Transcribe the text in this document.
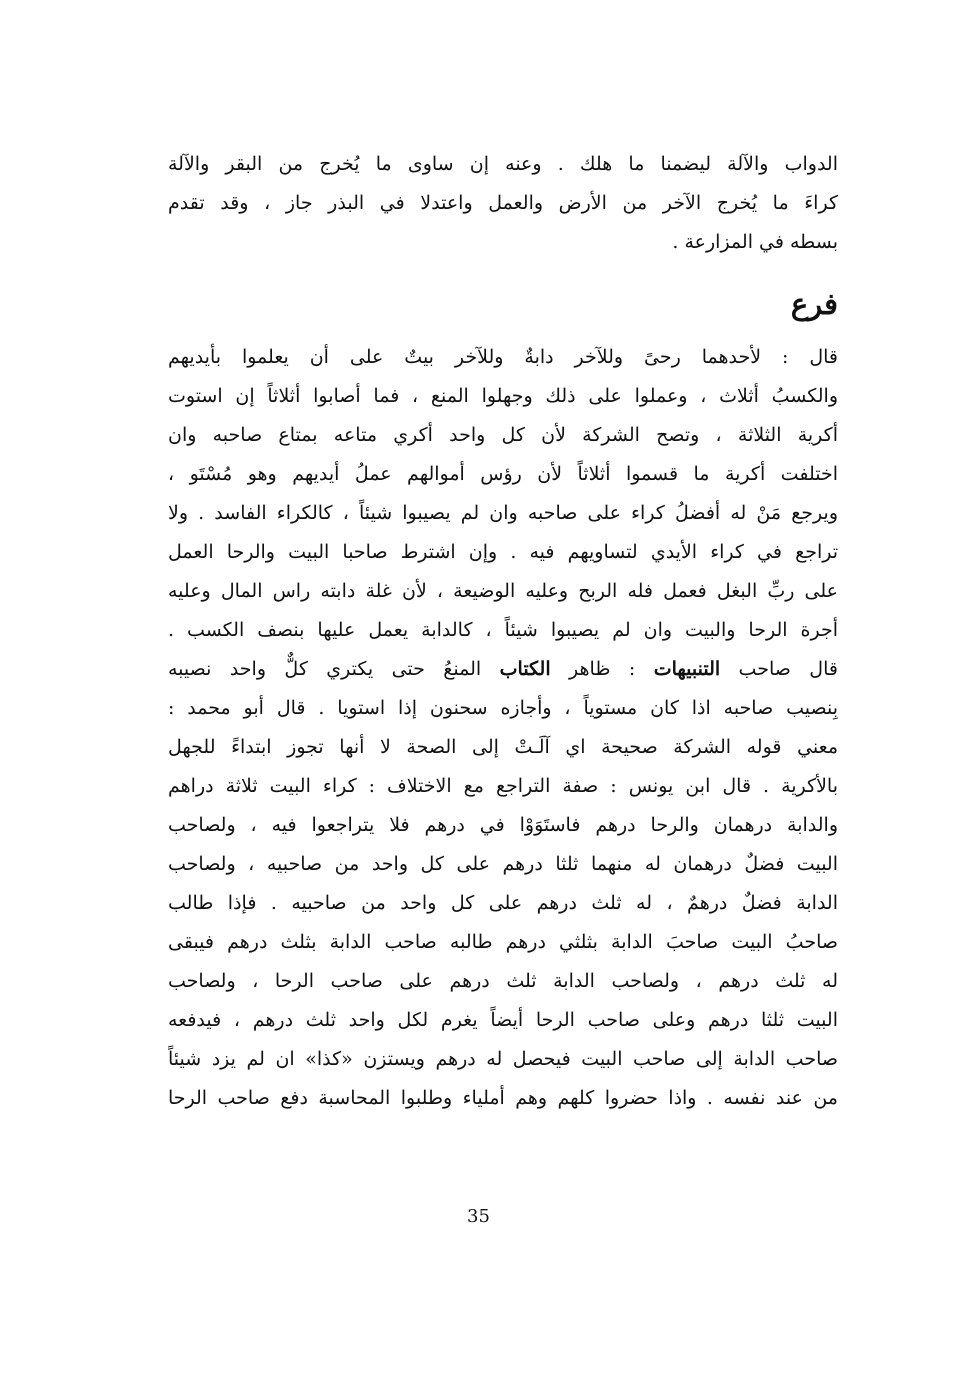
الدواب والآلة ليضمنا ما هلك . وعنه إن ساوى ما يُخرج من البقر والآلة
كراءَ ما يُخرج الآخر من الأرض والعمل واعتدلا في البذر جاز ، وقد تقدم
بسطه في المزارعة .
فرع
قال : لأحدهما رحىً وللآخر دابةٌ وللآخر بيتٌ على أن يعلموا بأيديهم
والكسبُ أثلاث ، وعملوا على ذلك وجهلوا المنع ، فما أصابوا أثلاثاً إن استوت
أكرية الثلاثة ، وتصح الشركة لأن كل واحد أكري متاعه بمتاع صاحبه وان
اختلفت أكرية ما قسموا أثلاثاً لأن رؤس أموالهم عملُ أيديهم وهو مُسْتَو ،
ويرجع مَنْ له أفضلُ كراء على صاحبه وان لم يصيبوا شيئاً ، كالكراء الفاسد . ولا
تراجع في كراء الأيدي لتساويهم فيه . وإن اشترط صاحبا البيت والرحا العمل
على ربِّ البغل فعمل فله الربح وعليه الوضيعة ، لأن غلة دابته راس المال وعليه
أجرة الرحا والبيت وان لم يصيبوا شيئاً ، كالدابة يعمل عليها بنصف الكسب .
قال صاحب التنبيهات : ظاهر الكتاب المنعُ حتى يكتري كلٌّ واحد نصيبه
بِنصيب صاحبه اذا كان مستوياً ، وأجازه سحنون إذا استويا . قال أبو محمد :
معني قوله الشركة صحيحة اي آلَـتْ إلى الصحة لا أنها تجوز ابتداءً للجهل
بالأكرية . قال ابن يونس : صفة التراجع مع الاختلاف : كراء البيت ثلاثة دراهم
والدابة درهمان والرحا درهم فاستَوَوْا في درهم فلا يتراجعوا فيه ، ولصاحب
البيت فضلٌ درهمان له منهما ثلثا درهم على كل واحد من صاحبيه ، ولصاحب
الدابة فضلٌ درهمٌ ، له ثلث درهم على كل واحد من صاحبيه . فإذا طالب
صاحبُ البيت صاحبَ الدابة بثلثي درهم طالبه صاحب الدابة بثلث درهم فيبقى
له ثلث درهم ، ولصاحب الدابة ثلث درهم على صاحب الرحا ، ولصاحب
البيت ثلثا درهم وعلى صاحب الرحا أيضاً يغرم لكل واحد ثلث درهم ، فيدفعه
صاحب الدابة إلى صاحب البيت فيحصل له درهم ويستزن «كذا» ان لم يزد شيئاً
من عند نفسه . واذا حضروا كلهم وهم أملياء وطلبوا المحاسبة دفع صاحب الرحا
35
